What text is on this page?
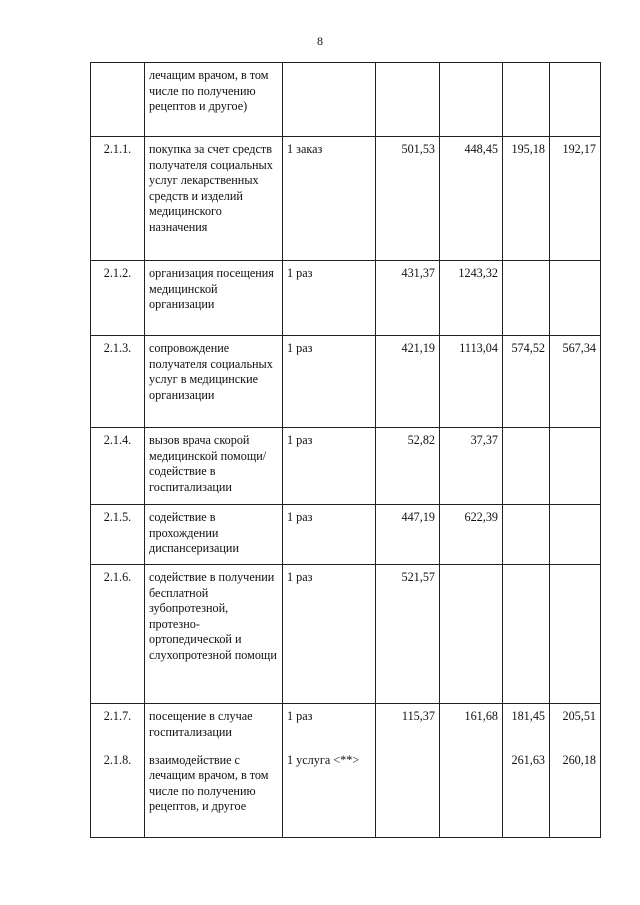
8
	лечащим врачом, в том числе по получению рецептов и другое)					
2.1.1.	покупка за счет средств получателя социальных услуг лекарственных средств и изделий медицинского назначения	1 заказ	501,53	448,45	195,18	192,17
2.1.2.	организация посещения медицинской организации	1 раз	431,37	1243,32		
2.1.3.	сопровождение получателя социальных услуг в медицинские организации	1 раз	421,19	1113,04	574,52	567,34
2.1.4.	вызов врача скорой медицинской помощи/содействие в госпитализации	1 раз	52,82	37,37		
2.1.5.	содействие в прохождении диспансеризации	1 раз	447,19	622,39		
2.1.6.	содействие в получении бесплатной зубопротезной, протезно-ортопедической и слухопротезной помощи	1 раз	521,57			
2.1.7.	посещение в случае госпитализации	1 раз	115,37	161,68	181,45	205,51
2.1.8.	взаимодействие с лечащим врачом, в том числе по получению рецептов, и другое	1 услуга <**>			261,63	260,18
